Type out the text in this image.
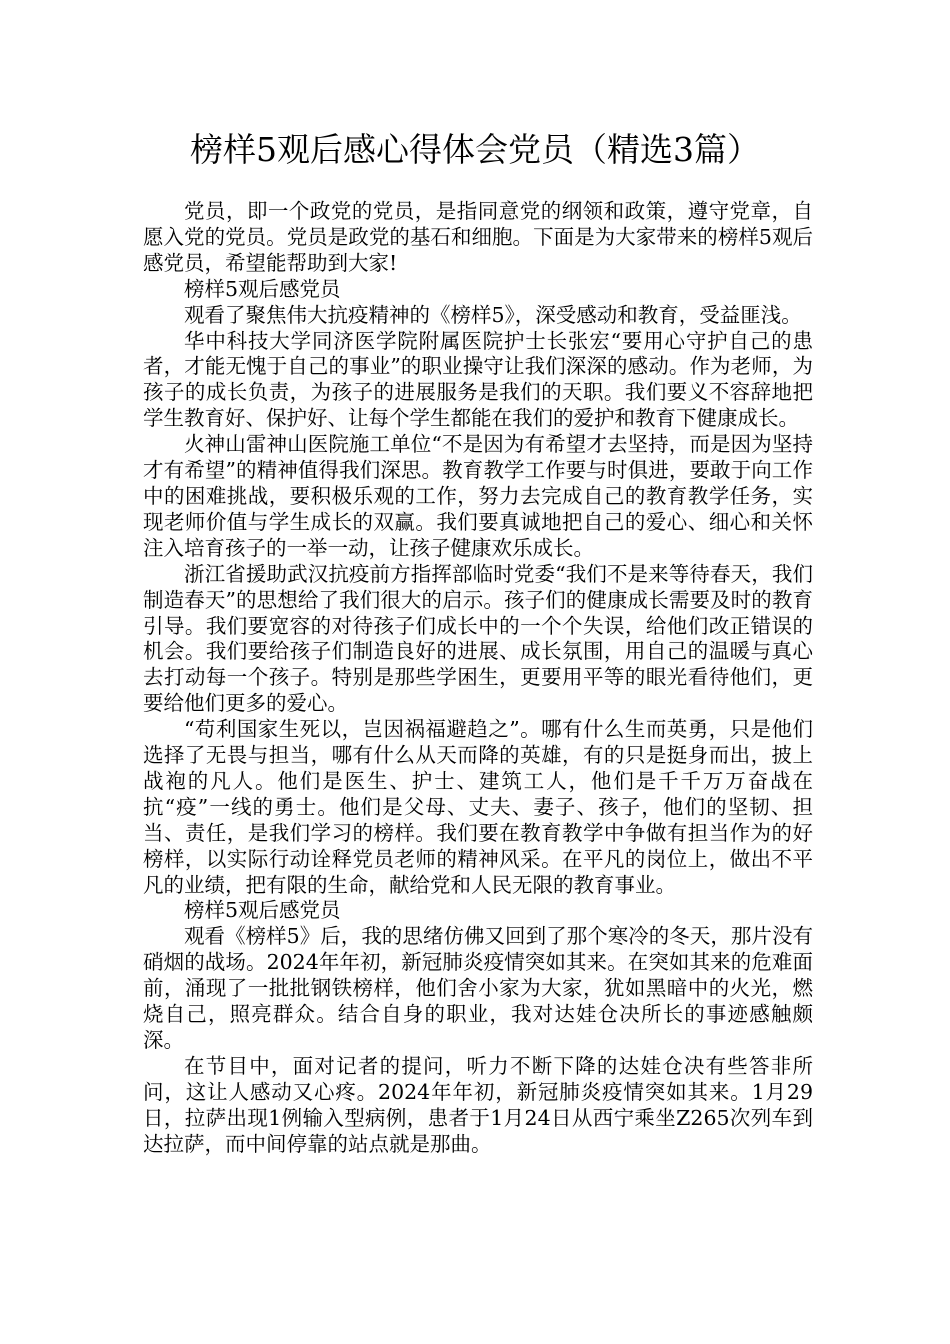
榜样5观后感心得体会党员（精选3篇）

党员，即一个政党的党员，是指同意党的纲领和政策，遵守党章，自愿入党的党员。党员是政党的基石和细胞。下面是为大家带来的榜样5观后感党员，希望能帮助到大家!

榜样5观后感党员

观看了聚焦伟大抗疫精神的《榜样5》，深受感动和教育，受益匪浅。

华中科技大学同济医学院附属医院护士长张宏“要用心守护自己的患者，才能无愧于自己的事业”的职业操守让我们深深的感动。作为老师，为孩子的成长负责，为孩子的进展服务是我们的天职。我们要义不容辞地把学生教育好、保护好、让每个学生都能在我们的爱护和教育下健康成长。

火神山雷神山医院施工单位“不是因为有希望才去坚持，而是因为坚持才有希望”的精神值得我们深思。教育教学工作要与时俱进，要敢于向工作中的困难挑战，要积极乐观的工作，努力去完成自己的教育教学任务，实现老师价值与学生成长的双赢。我们要真诚地把自己的爱心、细心和关怀注入培育孩子的一举一动，让孩子健康欢乐成长。

浙江省援助武汉抗疫前方指挥部临时党委“我们不是来等待春天，我们制造春天”的思想给了我们很大的启示。孩子们的健康成长需要及时的教育引导。我们要宽容的对待孩子们成长中的一个个失误，给他们改正错误的机会。我们要给孩子们制造良好的进展、成长氛围，用自己的温暖与真心去打动每一个孩子。特别是那些学困生，更要用平等的眼光看待他们，更要给他们更多的爱心。

“苟利国家生死以，岂因祸福避趋之”。哪有什么生而英勇，只是他们选择了无畏与担当，哪有什么从天而降的英雄，有的只是挺身而出，披上战袍的凡人。他们是医生、护士、建筑工人，他们是千千万万奋战在抗“疫”一线的勇士。他们是父母、丈夫、妻子、孩子，他们的坚韧、担当、责任，是我们学习的榜样。我们要在教育教学中争做有担当作为的好榜样，以实际行动诠释党员老师的精神风采。在平凡的岗位上，做出不平凡的业绩，把有限的生命，献给党和人民无限的教育事业。

榜样5观后感党员

观看《榜样5》后，我的思绪仿佛又回到了那个寒冷的冬天，那片没有硝烟的战场。2024年年初，新冠肺炎疫情突如其来。在突如其来的危难面前，涌现了一批批钢铁榜样，他们舍小家为大家，犹如黑暗中的火光，燃烧自己，照亮群众。结合自身的职业，我对达娃仓决所长的事迹感触颇深。

在节目中，面对记者的提问，听力不断下降的达娃仓决有些答非所问，这让人感动又心疼。2024年年初，新冠肺炎疫情突如其来。1月29日，拉萨出现1例输入型病例，患者于1月24日从西宁乘坐Z265次列车到达拉萨，而中间停靠的站点就是那曲。
